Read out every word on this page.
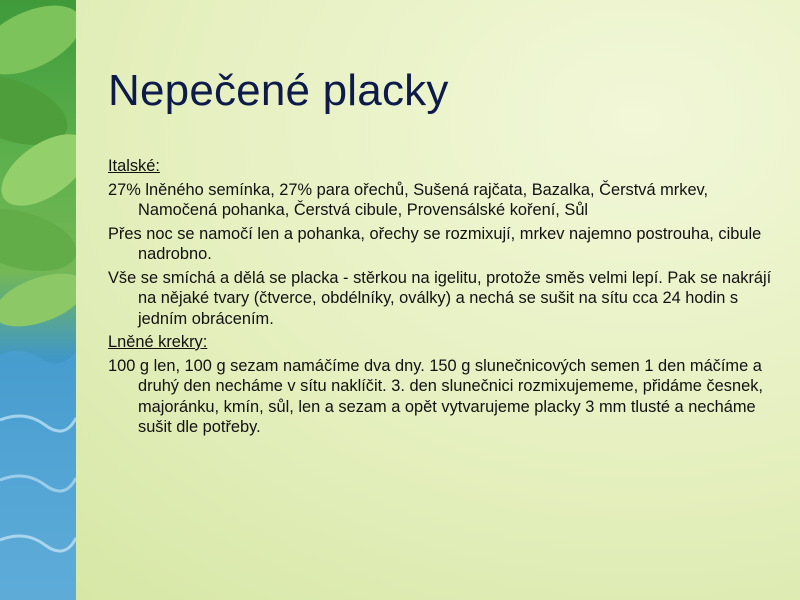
Nepečené placky

Italské:

27% lněného semínka, 27% para ořechů, Sušená rajčata, Bazalka, Čerstvá mrkev, Namočená pohanka, Čerstvá cibule, Provensálské koření, Sůl

Přes noc se namočí len a pohanka, ořechy se rozmixují, mrkev najemno postrouha, cibule nadrobno.

Vše se smíchá a dělá se placka - stěrkou na igelitu, protože směs velmi lepí. Pak se nakrájí na nějaké tvary (čtverce, obdélníky, oválky) a nechá se sušit na sítu cca 24 hodin s jedním obrácením.

Lněné krekry:

100 g len, 100 g sezam namáčíme dva dny. 150 g slunečnicových semen 1 den máčíme a druhý den necháme v sítu naklíčit. 3. den slunečnici rozmixujememe, přidáme česnek, majoránku, kmín, sůl, len a sezam a opět vytvarujeme placky 3 mm tlusté a necháme sušit dle potřeby.
